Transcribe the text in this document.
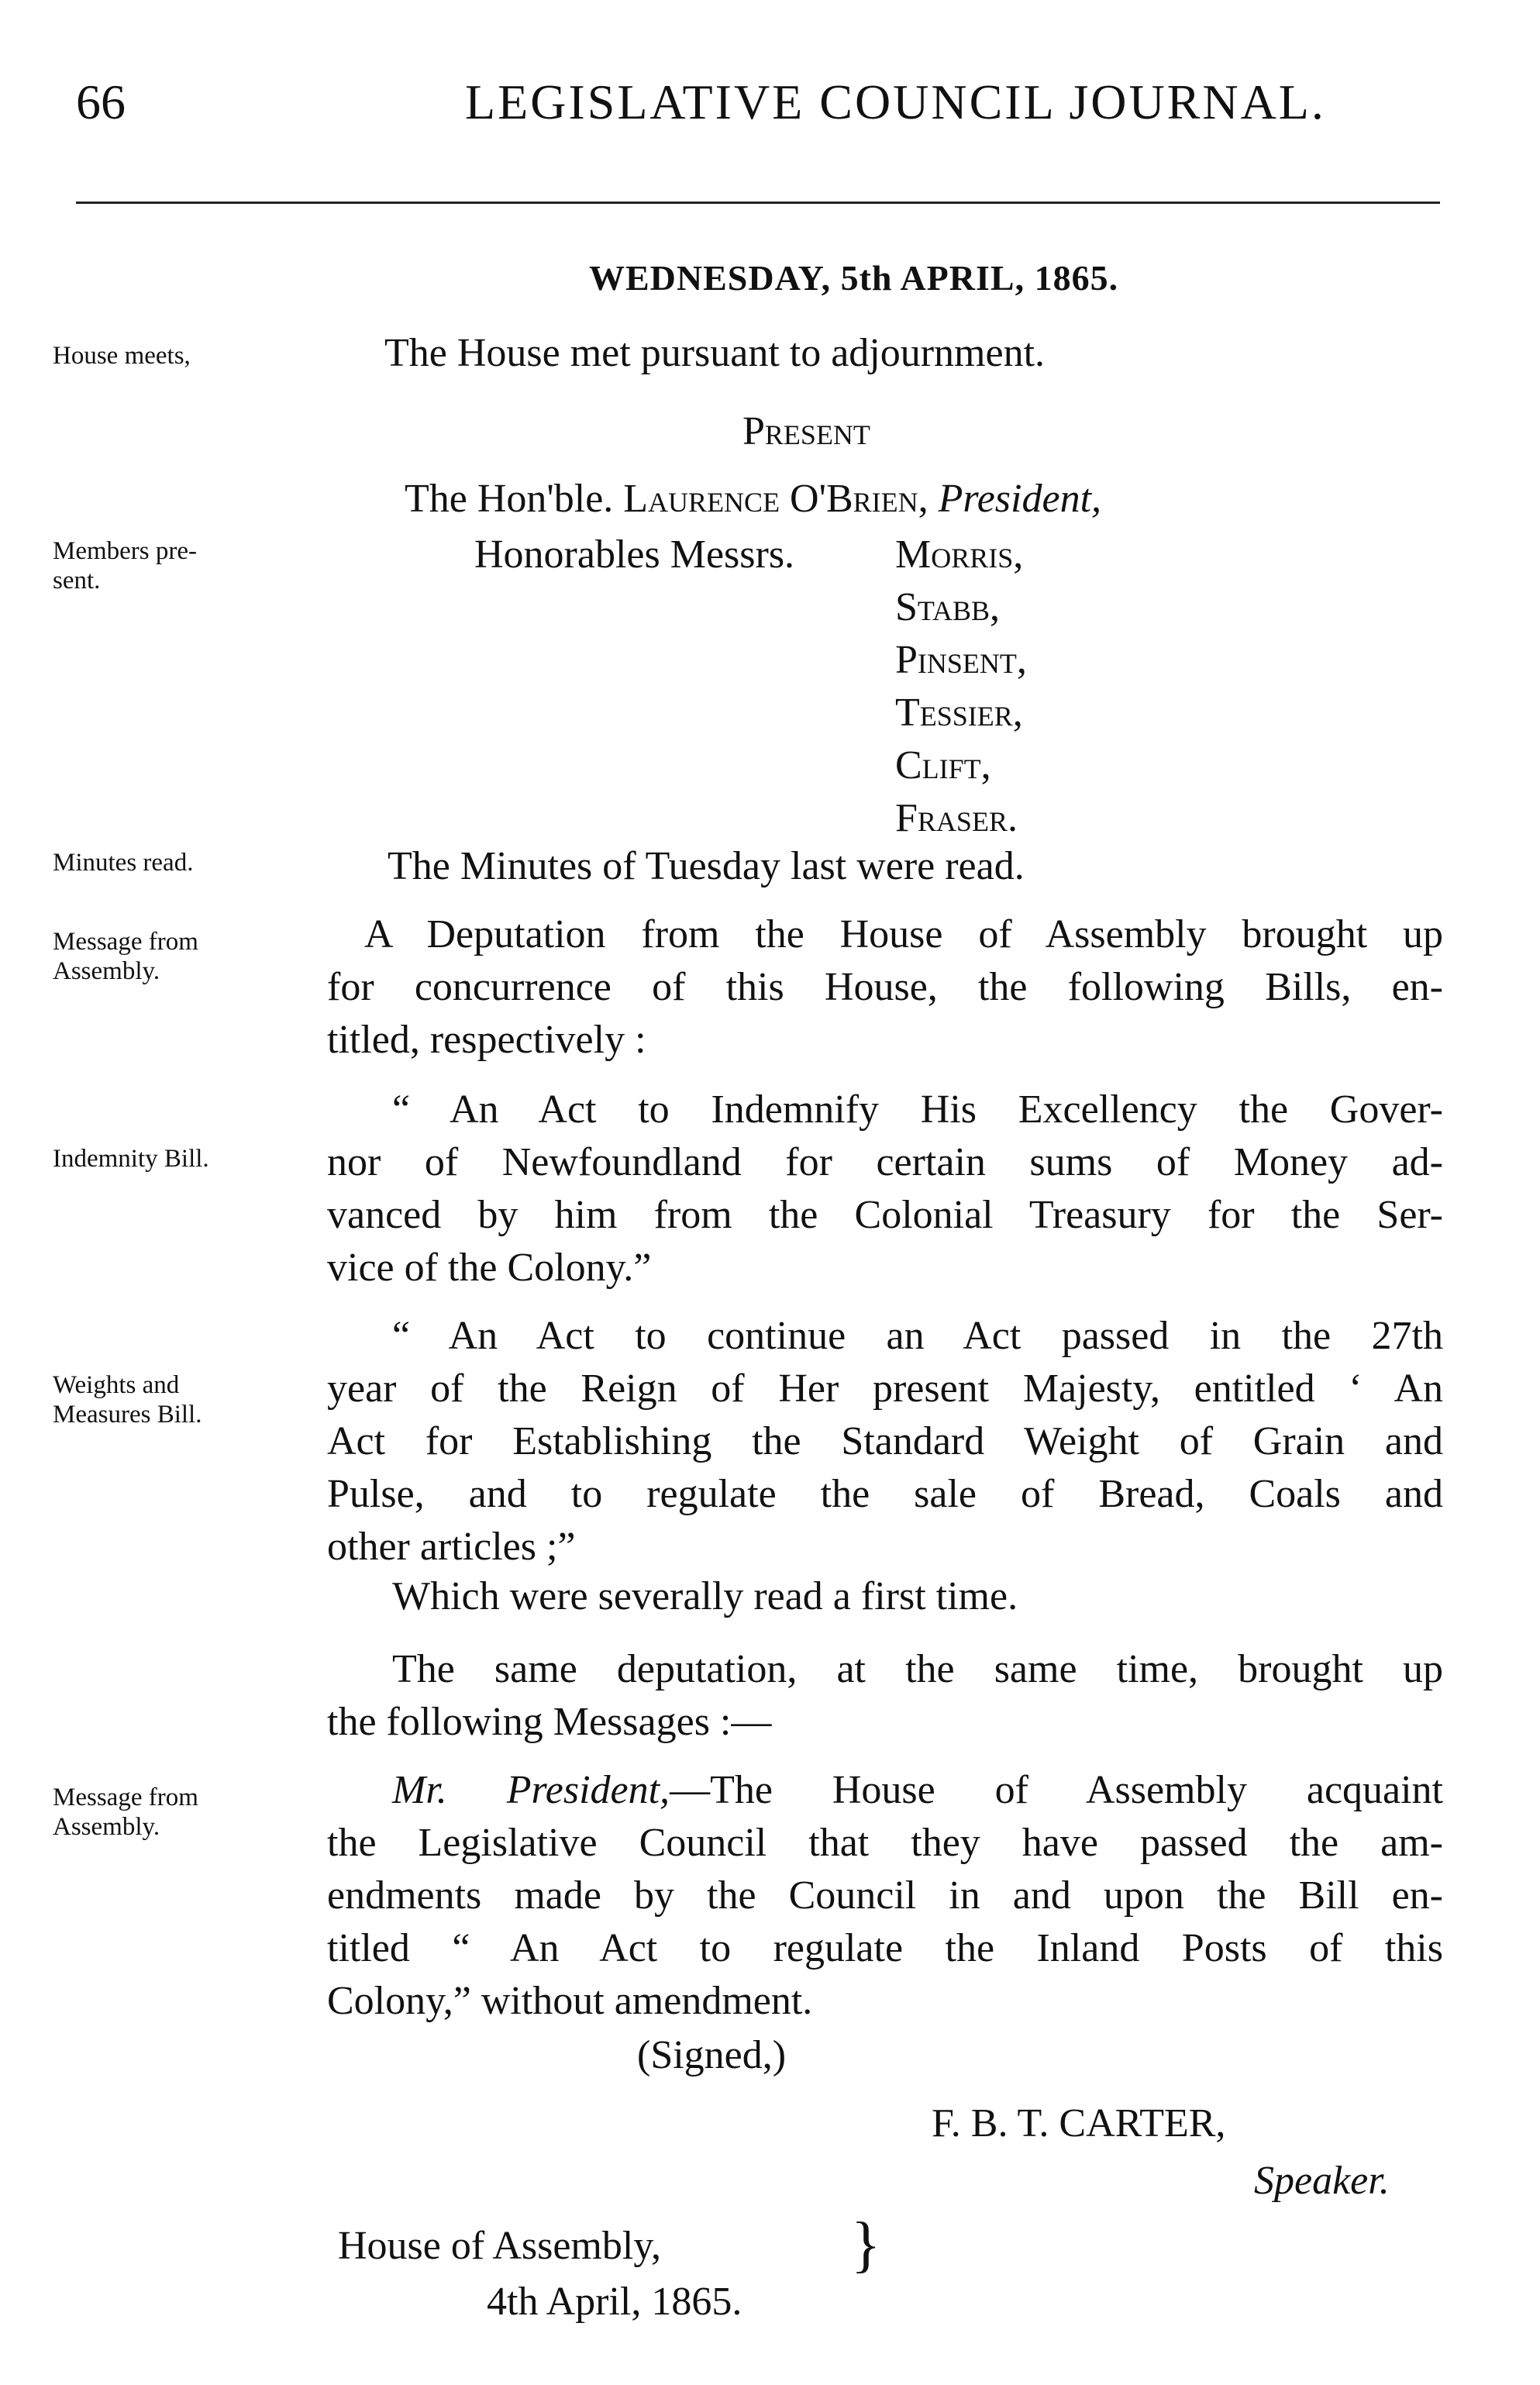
66	LEGISLATIVE COUNCIL JOURNAL.
WEDNESDAY, 5th APRIL, 1865.
House meets,
Members pre-
sent.
Minutes read.
Message from
Assembly.
Indemnity Bill.
Weights and
Measures Bill.
Message from
Assembly.
The House met pursuant to adjournment.
Present
The Hon'ble. Laurence O'Brien, President,
Honorables Messrs. Morris,
Stabb,
Pinsent,
Tessier,
Clift,
Fraser.
The Minutes of Tuesday last were read.
A Deputation from the House of Assembly brought up
for concurrence of this House, the following Bills, en-
titled, respectively :
“ An Act to Indemnify His Excellency the Gover-
nor of Newfoundland for certain sums of Money ad-
vanced by him from the Colonial Treasury for the Ser-
vice of the Colony.”
“ An Act to continue an Act passed in the 27th
year of the Reign of Her present Majesty, entitled ‘ An
Act for Establishing the Standard Weight of Grain and
Pulse, and to regulate the sale of Bread, Coals and
other articles ;”
Which were severally read a first time.
The same deputation, at the same time, brought up
the following Messages :—
Mr. President,—The House of Assembly acquaint
the Legislative Council that they have passed the am-
endments made by the Council in and upon the Bill en-
titled “ An Act to regulate the Inland Posts of this
Colony,” without amendment.
(Signed,)
F. B. T. CARTER,
Speaker.
House of Assembly,
4th April, 1865.
}
